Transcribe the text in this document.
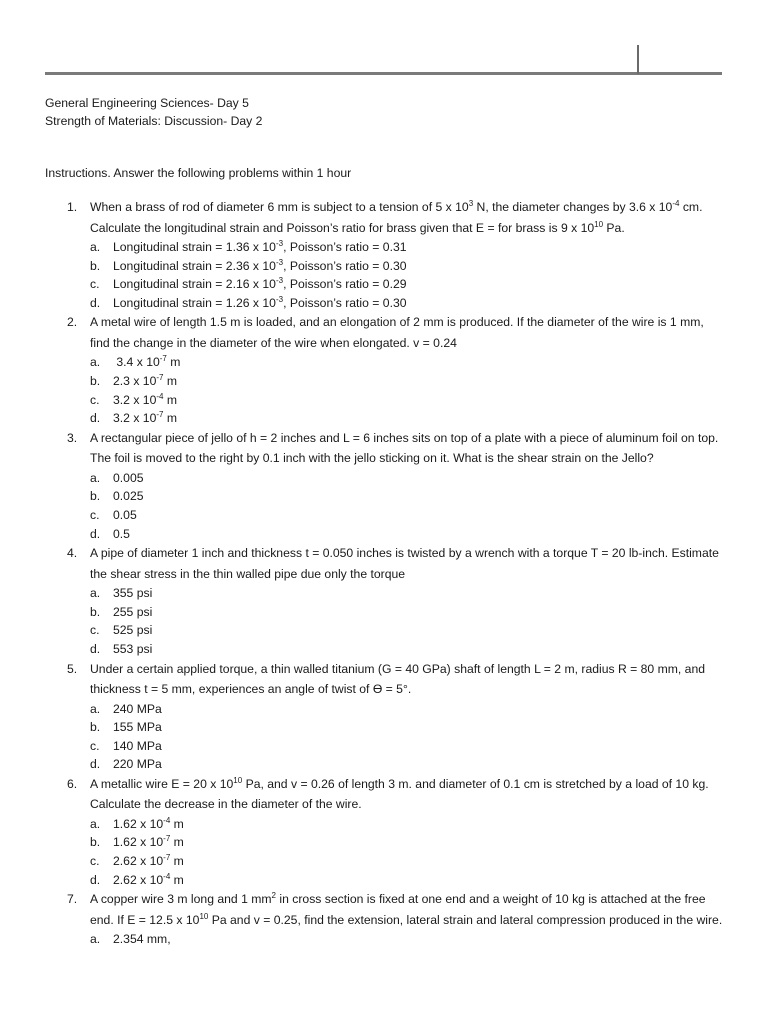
General Engineering Sciences- Day 5
Strength of Materials: Discussion- Day 2
Instructions. Answer the following problems within 1 hour
1. When a brass of rod of diameter 6 mm is subject to a tension of 5 x $10^3$ N, the diameter changes by 3.6 x $10^{-4}$ cm. Calculate the longitudinal strain and Poisson’s ratio for brass given that E = for brass is 9 x $10^{10}$ Pa.
a. Longitudinal strain = 1.36 x $10^{-3}$, Poisson’s ratio = 0.31
b. Longitudinal strain = 2.36 x $10^{-3}$, Poisson’s ratio = 0.30
c. Longitudinal strain = 2.16 x $10^{-3}$, Poisson’s ratio = 0.29
d. Longitudinal strain = 1.26 x $10^{-3}$, Poisson’s ratio = 0.30
2. A metal wire of length 1.5 m is loaded, and an elongation of 2 mm is produced. If the diameter of the wire is 1 mm, find the change in the diameter of the wire when elongated. v = 0.24
a. 3.4 x $10^{-7}$ m
b. 2.3 x $10^{-7}$ m
c. 3.2 x $10^{-4}$ m
d. 3.2 x $10^{-7}$ m
3. A rectangular piece of jello of h = 2 inches and L = 6 inches sits on top of a plate with a piece of aluminum foil on top. The foil is moved to the right by 0.1 inch with the jello sticking on it. What is the shear strain on the Jello?
a. 0.005
b. 0.025
c. 0.05
d. 0.5
4. A pipe of diameter 1 inch and thickness t = 0.050 inches is twisted by a wrench with a torque T = 20 lb-inch. Estimate the shear stress in the thin walled pipe due only the torque
a. 355 psi
b. 255 psi
c. 525 psi
d. 553 psi
5. Under a certain applied torque, a thin walled titanium (G = 40 GPa) shaft of length L = 2 m, radius R = 80 mm, and thickness t = 5 mm, experiences an angle of twist of Ɵ = 5°.
a. 240 MPa
b. 155 MPa
c. 140 MPa
d. 220 MPa
6. A metallic wire E = 20 x $10^{10}$ Pa, and v = 0.26 of length 3 m. and diameter of 0.1 cm is stretched by a load of 10 kg. Calculate the decrease in the diameter of the wire.
a. 1.62 x $10^{-4}$ m
b. 1.62 x $10^{-7}$ m
c. 2.62 x $10^{-7}$ m
d. 2.62 x $10^{-4}$ m
7. A copper wire 3 m long and 1 $mm^2$ in cross section is fixed at one end and a weight of 10 kg is attached at the free end. If E = 12.5 x $10^{10}$ Pa and v = 0.25, find the extension, lateral strain and lateral compression produced in the wire.
a. 2.354 mm,
